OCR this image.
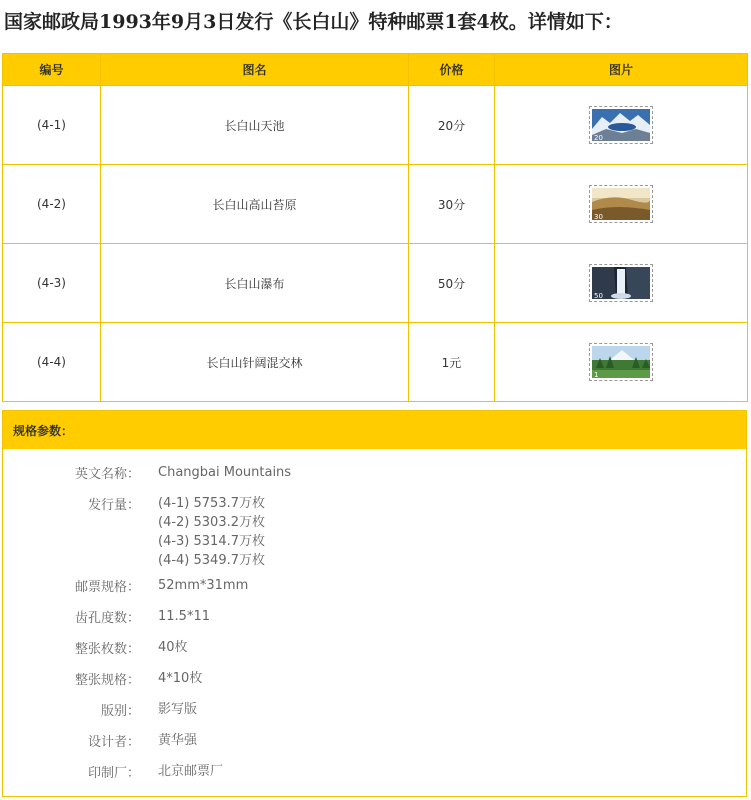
国家邮政局1993年9月3日发行《长白山》特种邮票1套4枚。详情如下：
编号	图名	价格	图片
(4-1)	长白山天池	20分	20

(4-2)	长白山高山苔原	30分	30

(4-3)	长白山瀑布	50分	50

(4-4)	长白山针阔混交林	1元	1
规格参数：
英文名称： Changbai Mountains
发行量： (4-1) 5753.7万枚
(4-2) 5303.2万枚
(4-3) 5314.7万枚
(4-4) 5349.7万枚
邮票规格： 52mm*31mm
齿孔度数： 11.5*11
整张枚数： 40枚
整张规格： 4*10枚
版别： 影写版
设计者： 黄华强
印制厂： 北京邮票厂
